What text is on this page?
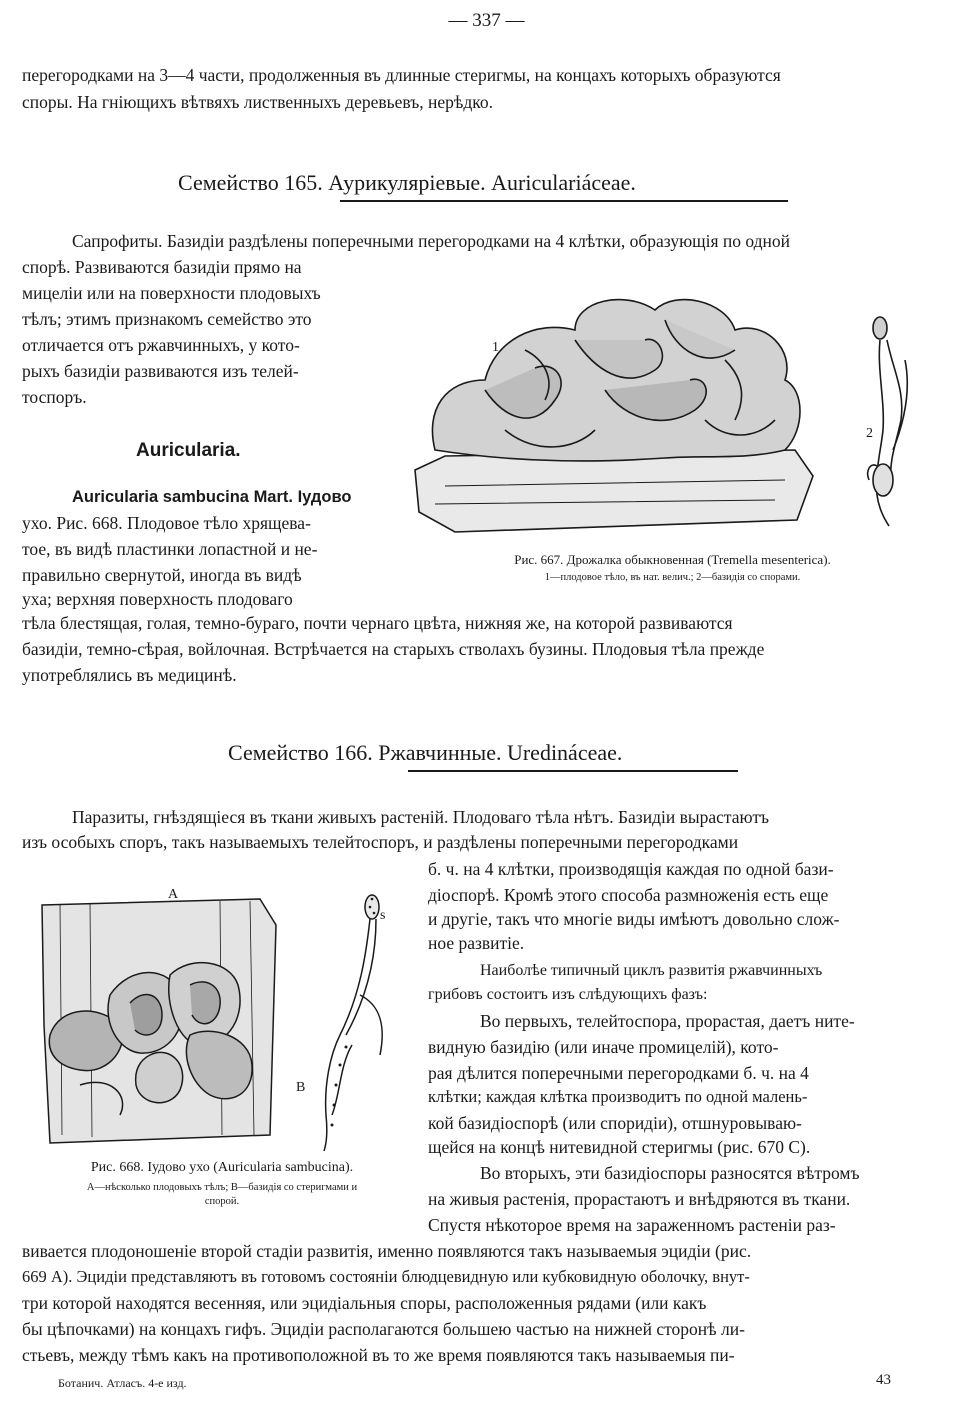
— 337 —
перегородками на 3—4 части, продолженныя въ длинные стеригмы, на концахъ которыхъ образуются
споры. На гніющихъ вѣтвяхъ лиственныхъ деревьевъ, нерѣдко.
Семейство 165. Аурикуляріевые. Auriculariáceae.
Сапрофиты. Базидіи раздѣлены поперечными перегородками на 4 клѣтки, образующія по одной
спорѣ. Развиваются базидіи прямо на
мицеліи или на поверхности плодовыхъ
тѣлъ; этимъ признакомъ семейство это
отличается отъ ржавчинныхъ, у кото-
рыхъ базидіи развиваются изъ телей-
тоспоръ.
Auricularia.
Auricularia sambucina Mart. Іудово
ухо. Рис. 668. Плодовое тѣло хрящева-
тое, въ видѣ пластинки лопастной и не-
правильно свернутой, иногда въ видѣ
уха; верхняя поверхность плодоваго
тѣла блестящая, голая, темно-бураго, почти чернаго цвѣта, нижняя же, на которой развиваются
базидіи, темно-сѣрая, войлочная. Встрѣчается на старыхъ стволахъ бузины. Плодовыя тѣла прежде
употреблялись въ медицинѣ.
1
2
Рис. 667. Дрожалка обыкновенная (Tremella mesenterica).
1—плодовое тѣло, въ нат. велич.; 2—базидія со спорами.
Семейство 166. Ржавчинные. Uredináceae.
Паразиты, гнѣздящіеся въ ткани живыхъ растеній. Плодоваго тѣла нѣтъ. Базидіи вырастаютъ
изъ особыхъ споръ, такъ называемыхъ телейтоспоръ, и раздѣлены поперечными перегородками
б. ч. на 4 клѣтки, производящія каждая по одной бази-
діоспорѣ. Кромѣ этого способа размноженія есть еще
и другіе, такъ что многіе виды имѣютъ довольно слож-
ное развитіе.
Наиболѣе типичный циклъ развитія ржавчинныхъ
грибовъ состоитъ изъ слѣдующихъ фазъ:
Во первыхъ, телейтоспора, прорастая, даетъ ните-
видную базидію (или иначе промицелій), кото-
рая дѣлится поперечными перегородками б. ч. на 4
клѣтки; каждая клѣтка производитъ по одной малень-
кой базидіоспорѣ (или споридіи), отшнуровываю-
щейся на концѣ нитевидной стеригмы (рис. 670 С).
Во вторыхъ, эти базидіоспоры разносятся вѣтромъ
на живыя растенія, прорастаютъ и внѣдряются въ ткани.
Спустя нѣкоторое время на зараженномъ растеніи раз-
вивается плодоношеніе второй стадіи развитія, именно появляются такъ называемыя эцидіи (рис.
669 А). Эцидіи представляютъ въ готовомъ состояніи блюдцевидную или кубковидную оболочку, внут-
три которой находятся весенняя, или эцидіальныя споры, расположенныя рядами (или какъ
бы цѣпочками) на концахъ гифъ. Эцидіи располагаются большею частью на нижней сторонѣ ли-
стьевъ, между тѣмъ какъ на противоположной въ то же время появляются такъ называемыя пи-
A
B
s
Рис. 668. Іудово ухо (Auricularia sambucina).
А—нѣсколько плодовыхъ тѣлъ; В—базидія со стеригмами и
спорой.
Ботанич. Атласъ. 4-е изд.	43
